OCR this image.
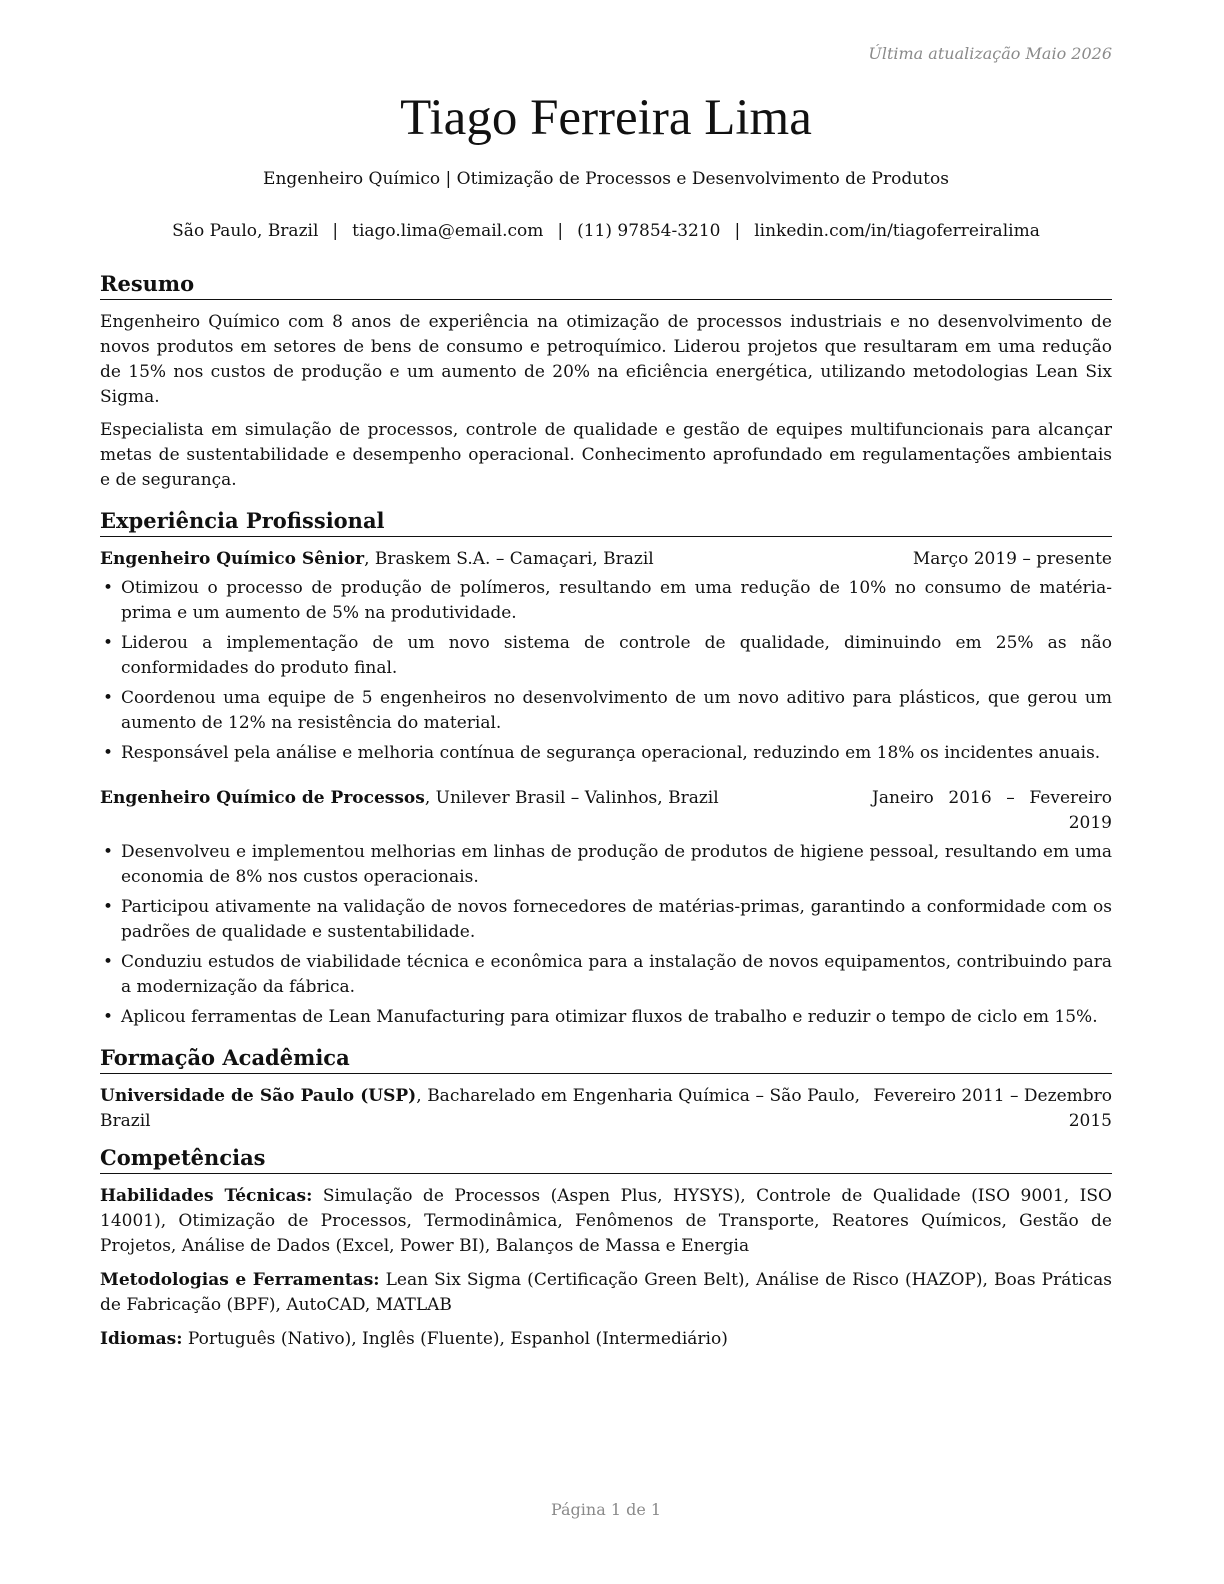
Última atualização Maio 2026
Tiago Ferreira Lima
Engenheiro Químico | Otimização de Processos e Desenvolvimento de Produtos
São Paulo, Brazil | tiago.lima@email.com | (11) 97854-3210 | linkedin.com/in/tiagoferreiralima
Resumo

Engenheiro Químico com 8 anos de experiência na otimização de processos industriais e no desenvolvimento de novos produtos em setores de bens de consumo e petroquímico. Liderou projetos que resultaram em uma redução de 15% nos custos de produção e um aumento de 20% na eficiência energética, utilizando metodologias Lean Six Sigma.

Especialista em simulação de processos, controle de qualidade e gestão de equipes multifuncionais para alcançar metas de sustentabilidade e desempenho operacional. Conhecimento aprofundado em regulamentações ambientais e de segurança.

Experiência Profissional
Engenheiro Químico Sênior, Braskem S.A. – Camaçari, Brazil	Março 2019 – presente
• Otimizou o processo de produção de polímeros, resultando em uma redução de 10% no consumo de matéria-prima e um aumento de 5% na produtividade.
• Liderou a implementação de um novo sistema de controle de qualidade, diminuindo em 25% as não conformidades do produto final.
• Coordenou uma equipe de 5 engenheiros no desenvolvimento de um novo aditivo para plásticos, que gerou um aumento de 12% na resistência do material.
• Responsável pela análise e melhoria contínua de segurança operacional, reduzindo em 18% os incidentes anuais.
Engenheiro Químico de Processos, Unilever Brasil – Valinhos, Brazil	Janeiro 2016 – Fevereiro 2019
• Desenvolveu e implementou melhorias em linhas de produção de produtos de higiene pessoal, resultando em uma economia de 8% nos custos operacionais.
• Participou ativamente na validação de novos fornecedores de matérias-primas, garantindo a conformidade com os padrões de qualidade e sustentabilidade.
• Conduziu estudos de viabilidade técnica e econômica para a instalação de novos equipamentos, contribuindo para a modernização da fábrica.
• Aplicou ferramentas de Lean Manufacturing para otimizar fluxos de trabalho e reduzir o tempo de ciclo em 15%.
Formação Acadêmica
Universidade de São Paulo (USP), Bacharelado em Engenharia Química – São Paulo, Brazil
Fevereiro 2011 – Dezembro 2015
Competências
Habilidades Técnicas: Simulação de Processos (Aspen Plus, HYSYS), Controle de Qualidade (ISO 9001, ISO 14001), Otimização de Processos, Termodinâmica, Fenômenos de Transporte, Reatores Químicos, Gestão de Projetos, Análise de Dados (Excel, Power BI), Balanços de Massa e Energia
Metodologias e Ferramentas: Lean Six Sigma (Certificação Green Belt), Análise de Risco (HAZOP), Boas Práticas de Fabricação (BPF), AutoCAD, MATLAB
Idiomas: Português (Nativo), Inglês (Fluente), Espanhol (Intermediário)
Página 1 de 1
